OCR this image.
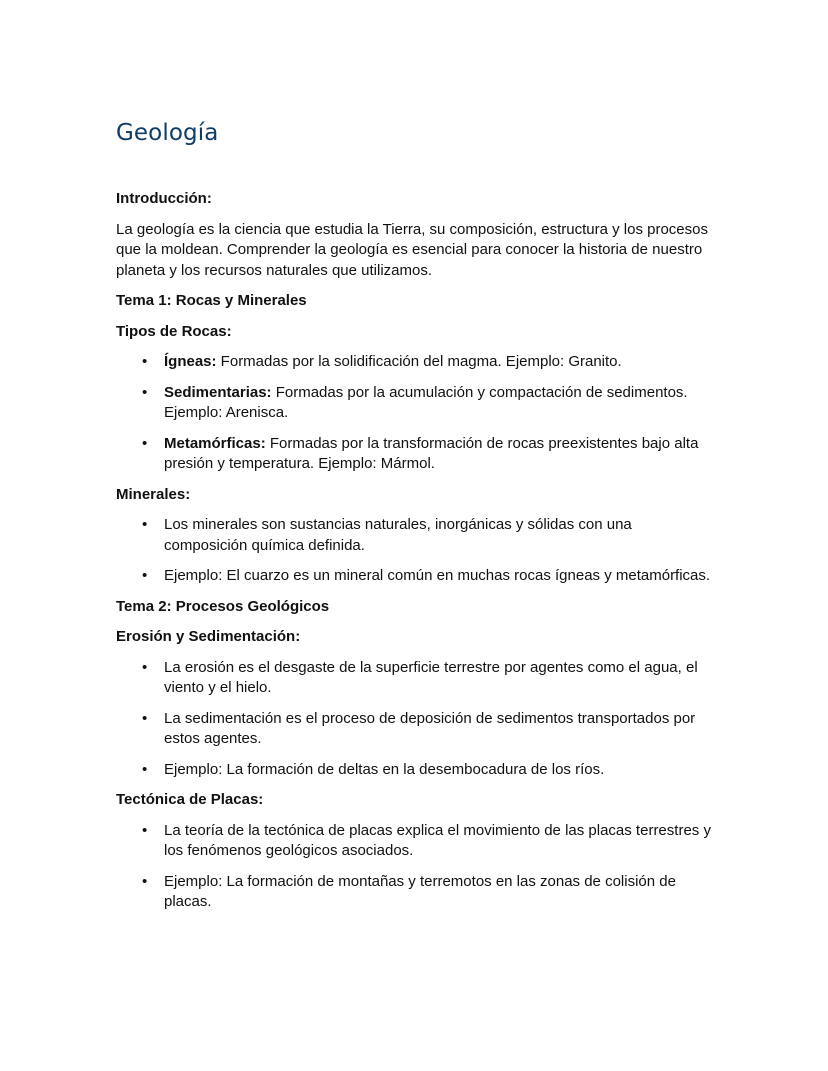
Geología
Introducción:

La geología es la ciencia que estudia la Tierra, su composición, estructura y los procesos que la moldean. Comprender la geología es esencial para conocer la historia de nuestro planeta y los recursos naturales que utilizamos.

Tema 1: Rocas y Minerales
Tipos de Rocas:
• Ígneas: Formadas por la solidificación del magma. Ejemplo: Granito.
• Sedimentarias: Formadas por la acumulación y compactación de sedimentos. Ejemplo: Arenisca.
• Metamórficas: Formadas por la transformación de rocas preexistentes bajo alta presión y temperatura. Ejemplo: Mármol.
Minerales:
• Los minerales son sustancias naturales, inorgánicas y sólidas con una composición química definida.
• Ejemplo: El cuarzo es un mineral común en muchas rocas ígneas y metamórficas.
Tema 2: Procesos Geológicos
Erosión y Sedimentación:
• La erosión es el desgaste de la superficie terrestre por agentes como el agua, el viento y el hielo.
• La sedimentación es el proceso de deposición de sedimentos transportados por estos agentes.
• Ejemplo: La formación de deltas en la desembocadura de los ríos.
Tectónica de Placas:
• La teoría de la tectónica de placas explica el movimiento de las placas terrestres y los fenómenos geológicos asociados.
• Ejemplo: La formación de montañas y terremotos en las zonas de colisión de placas.
